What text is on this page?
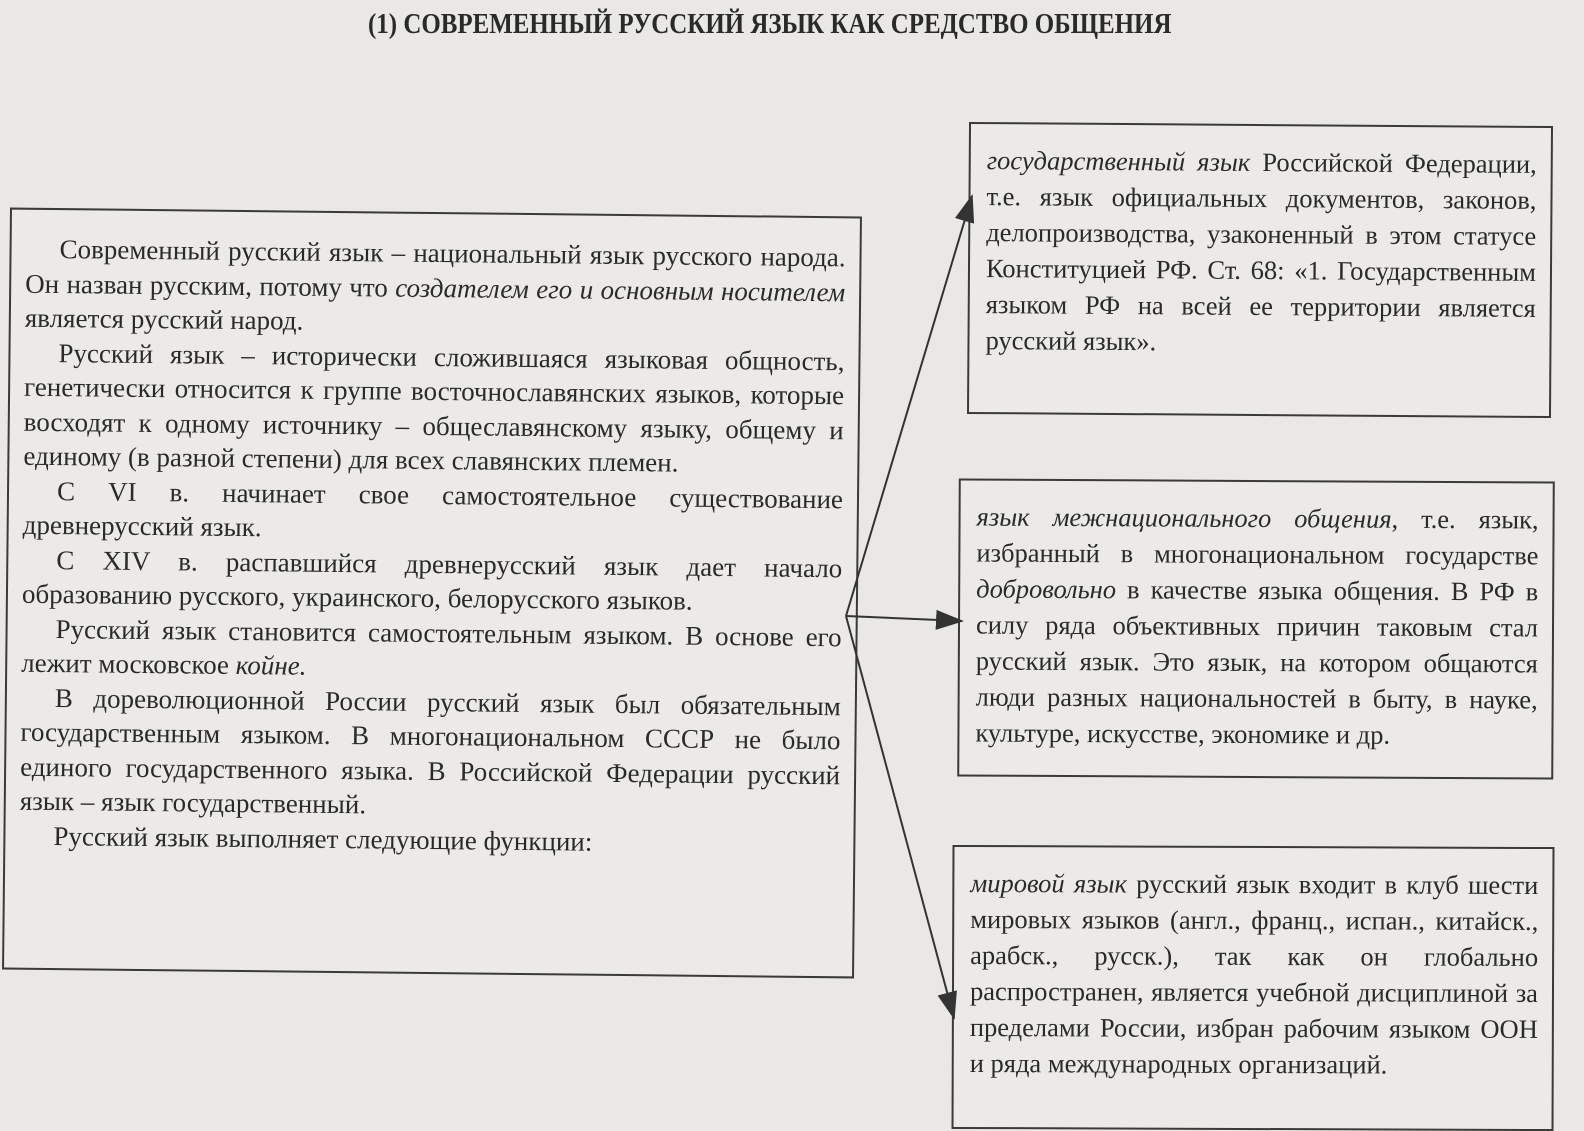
(1) СОВРЕМЕННЫЙ РУССКИЙ ЯЗЫК КАК СРЕДСТВО ОБЩЕНИЯ

Современный русский язык – национальный язык русского народа. Он назван русским, потому что создателем его и основным носителем является русский народ.

Русский язык – исторически сложившаяся языковая общность, генетически относится к группе восточнославянских языков, которые восходят к одному источнику – общеславянскому языку, общему и единому (в разной степени) для всех славянских племен.

С VI в. начинает свое самостоятельное существование древнерусский язык.

С XIV в. распавшийся древнерусский язык дает начало образованию русского, украинского, белорусского языков.

Русский язык становится самостоятельным языком. В основе его лежит московское койне.

В дореволюционной России русский язык был обязательным государственным языком. В многонациональном СССР не было единого государственного языка. В Российской Федерации русский язык – язык государственный.

Русский язык выполняет следующие функции:

государственный язык Российской Федерации, т.е. язык официальных документов, законов, делопроизводства, узаконенный в этом статусе Конституцией РФ. Ст. 68: «1. Государственным языком РФ на всей ее территории является русский язык».

язык межнационального общения, т.е. язык, избранный в многонациональном государстве добровольно в качестве языка общения. В РФ в силу ряда объективных причин таковым стал русский язык. Это язык, на котором общаются люди разных национальностей в быту, в науке, культуре, искусстве, экономике и др.

мировой язык русский язык входит в клуб шести мировых языков (англ., франц., испан., китайск., арабск., русск.), так как он глобально распространен, является учебной дисциплиной за пределами России, избран рабочим языком ООН и ряда международных организаций.
